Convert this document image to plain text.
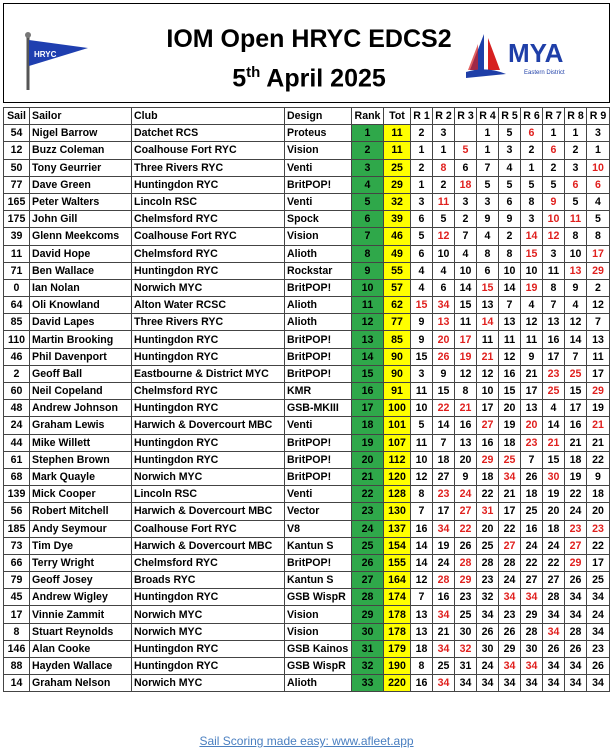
HRYC
IOM Open HRYC EDCS2
5th April 2025
MYA
Eastern District
Sail	Sailor	Club	Design	Rank	Tot	R 1	R 2	R 3	R 4	R 5	R 6	R 7	R 8	R 9
54	Nigel Barrow	Datchet RCS	Proteus	1	11	2	3		1	5	6	1	1	3
12	Buzz Coleman	Coalhouse Fort RYC	Vision	2	11	1	1	5	1	3	2	6	2	1
50	Tony Geurrier	Three Rivers RYC	Venti	3	25	2	8	6	7	4	1	2	3	10
77	Dave Green	Huntingdon RYC	BritPOP!	4	29	1	2	18	5	5	5	5	6	6
165	Peter Walters	Lincoln RSC	Venti	5	32	3	11	3	3	6	8	9	5	4
175	John Gill	Chelmsford RYC	Spock	6	39	6	5	2	9	9	3	10	11	5
39	Glenn Meekcoms	Coalhouse Fort RYC	Vision	7	46	5	12	7	4	2	14	12	8	8
11	David Hope	Chelmsford RYC	Alioth	8	49	6	10	4	8	8	15	3	10	17
71	Ben Wallace	Huntingdon RYC	Rockstar	9	55	4	4	10	6	10	10	11	13	29
0	Ian Nolan	Norwich MYC	BritPOP!	10	57	4	6	14	15	14	19	8	9	2
64	Oli Knowland	Alton Water RCSC	Alioth	11	62	15	34	15	13	7	4	7	4	12
85	David Lapes	Three Rivers RYC	Alioth	12	77	9	13	11	14	13	12	13	12	7
110	Martin Brooking	Huntingdon RYC	BritPOP!	13	85	9	20	17	11	11	11	16	14	13
46	Phil Davenport	Huntingdon RYC	BritPOP!	14	90	15	26	19	21	12	9	17	7	11
2	Geoff Ball	Eastbourne & District MYC	BritPOP!	15	90	3	9	12	12	16	21	23	25	17
60	Neil Copeland	Chelmsford RYC	KMR	16	91	11	15	8	10	15	17	25	15	29
48	Andrew Johnson	Huntingdon RYC	GSB-MKIII	17	100	10	22	21	17	20	13	4	17	19
24	Graham Lewis	Harwich & Dovercourt MBC	Venti	18	101	5	14	16	27	19	20	14	16	21
44	Mike Willett	Huntingdon RYC	BritPOP!	19	107	11	7	13	16	18	23	21	21	21
61	Stephen Brown	Huntingdon RYC	BritPOP!	20	112	10	18	20	29	25	7	15	18	22
68	Mark Quayle	Norwich MYC	BritPOP!	21	120	12	27	9	18	34	26	30	19	9
139	Mick Cooper	Lincoln RSC	Venti	22	128	8	23	24	22	21	18	19	22	18
56	Robert Mitchell	Harwich & Dovercourt MBC	Vector	23	130	7	17	27	31	17	25	20	24	20
185	Andy Seymour	Coalhouse Fort RYC	V8	24	137	16	34	22	20	22	16	18	23	23
73	Tim Dye	Harwich & Dovercourt MBC	Kantun S	25	154	14	19	26	25	27	24	24	27	22
66	Terry Wright	Chelmsford RYC	BritPOP!	26	155	14	24	28	28	28	22	22	29	17
79	Geoff Josey	Broads RYC	Kantun S	27	164	12	28	29	23	24	27	27	26	25
45	Andrew Wigley	Huntingdon RYC	GSB WispR	28	174	7	16	23	32	34	34	28	34	34
17	Vinnie Zammit	Norwich MYC	Vision	29	178	13	34	25	34	23	29	34	34	24
8	Stuart Reynolds	Norwich MYC	Vision	30	178	13	21	30	26	26	28	34	28	34
146	Alan Cooke	Huntingdon RYC	GSB Kainos	31	179	18	34	32	30	29	30	26	26	23
88	Hayden Wallace	Huntingdon RYC	GSB WispR	32	190	8	25	31	24	34	34	34	34	26
14	Graham Nelson	Norwich MYC	Alioth	33	220	16	34	34	34	34	34	34	34	34
Sail Scoring made easy: www.afleet.app
